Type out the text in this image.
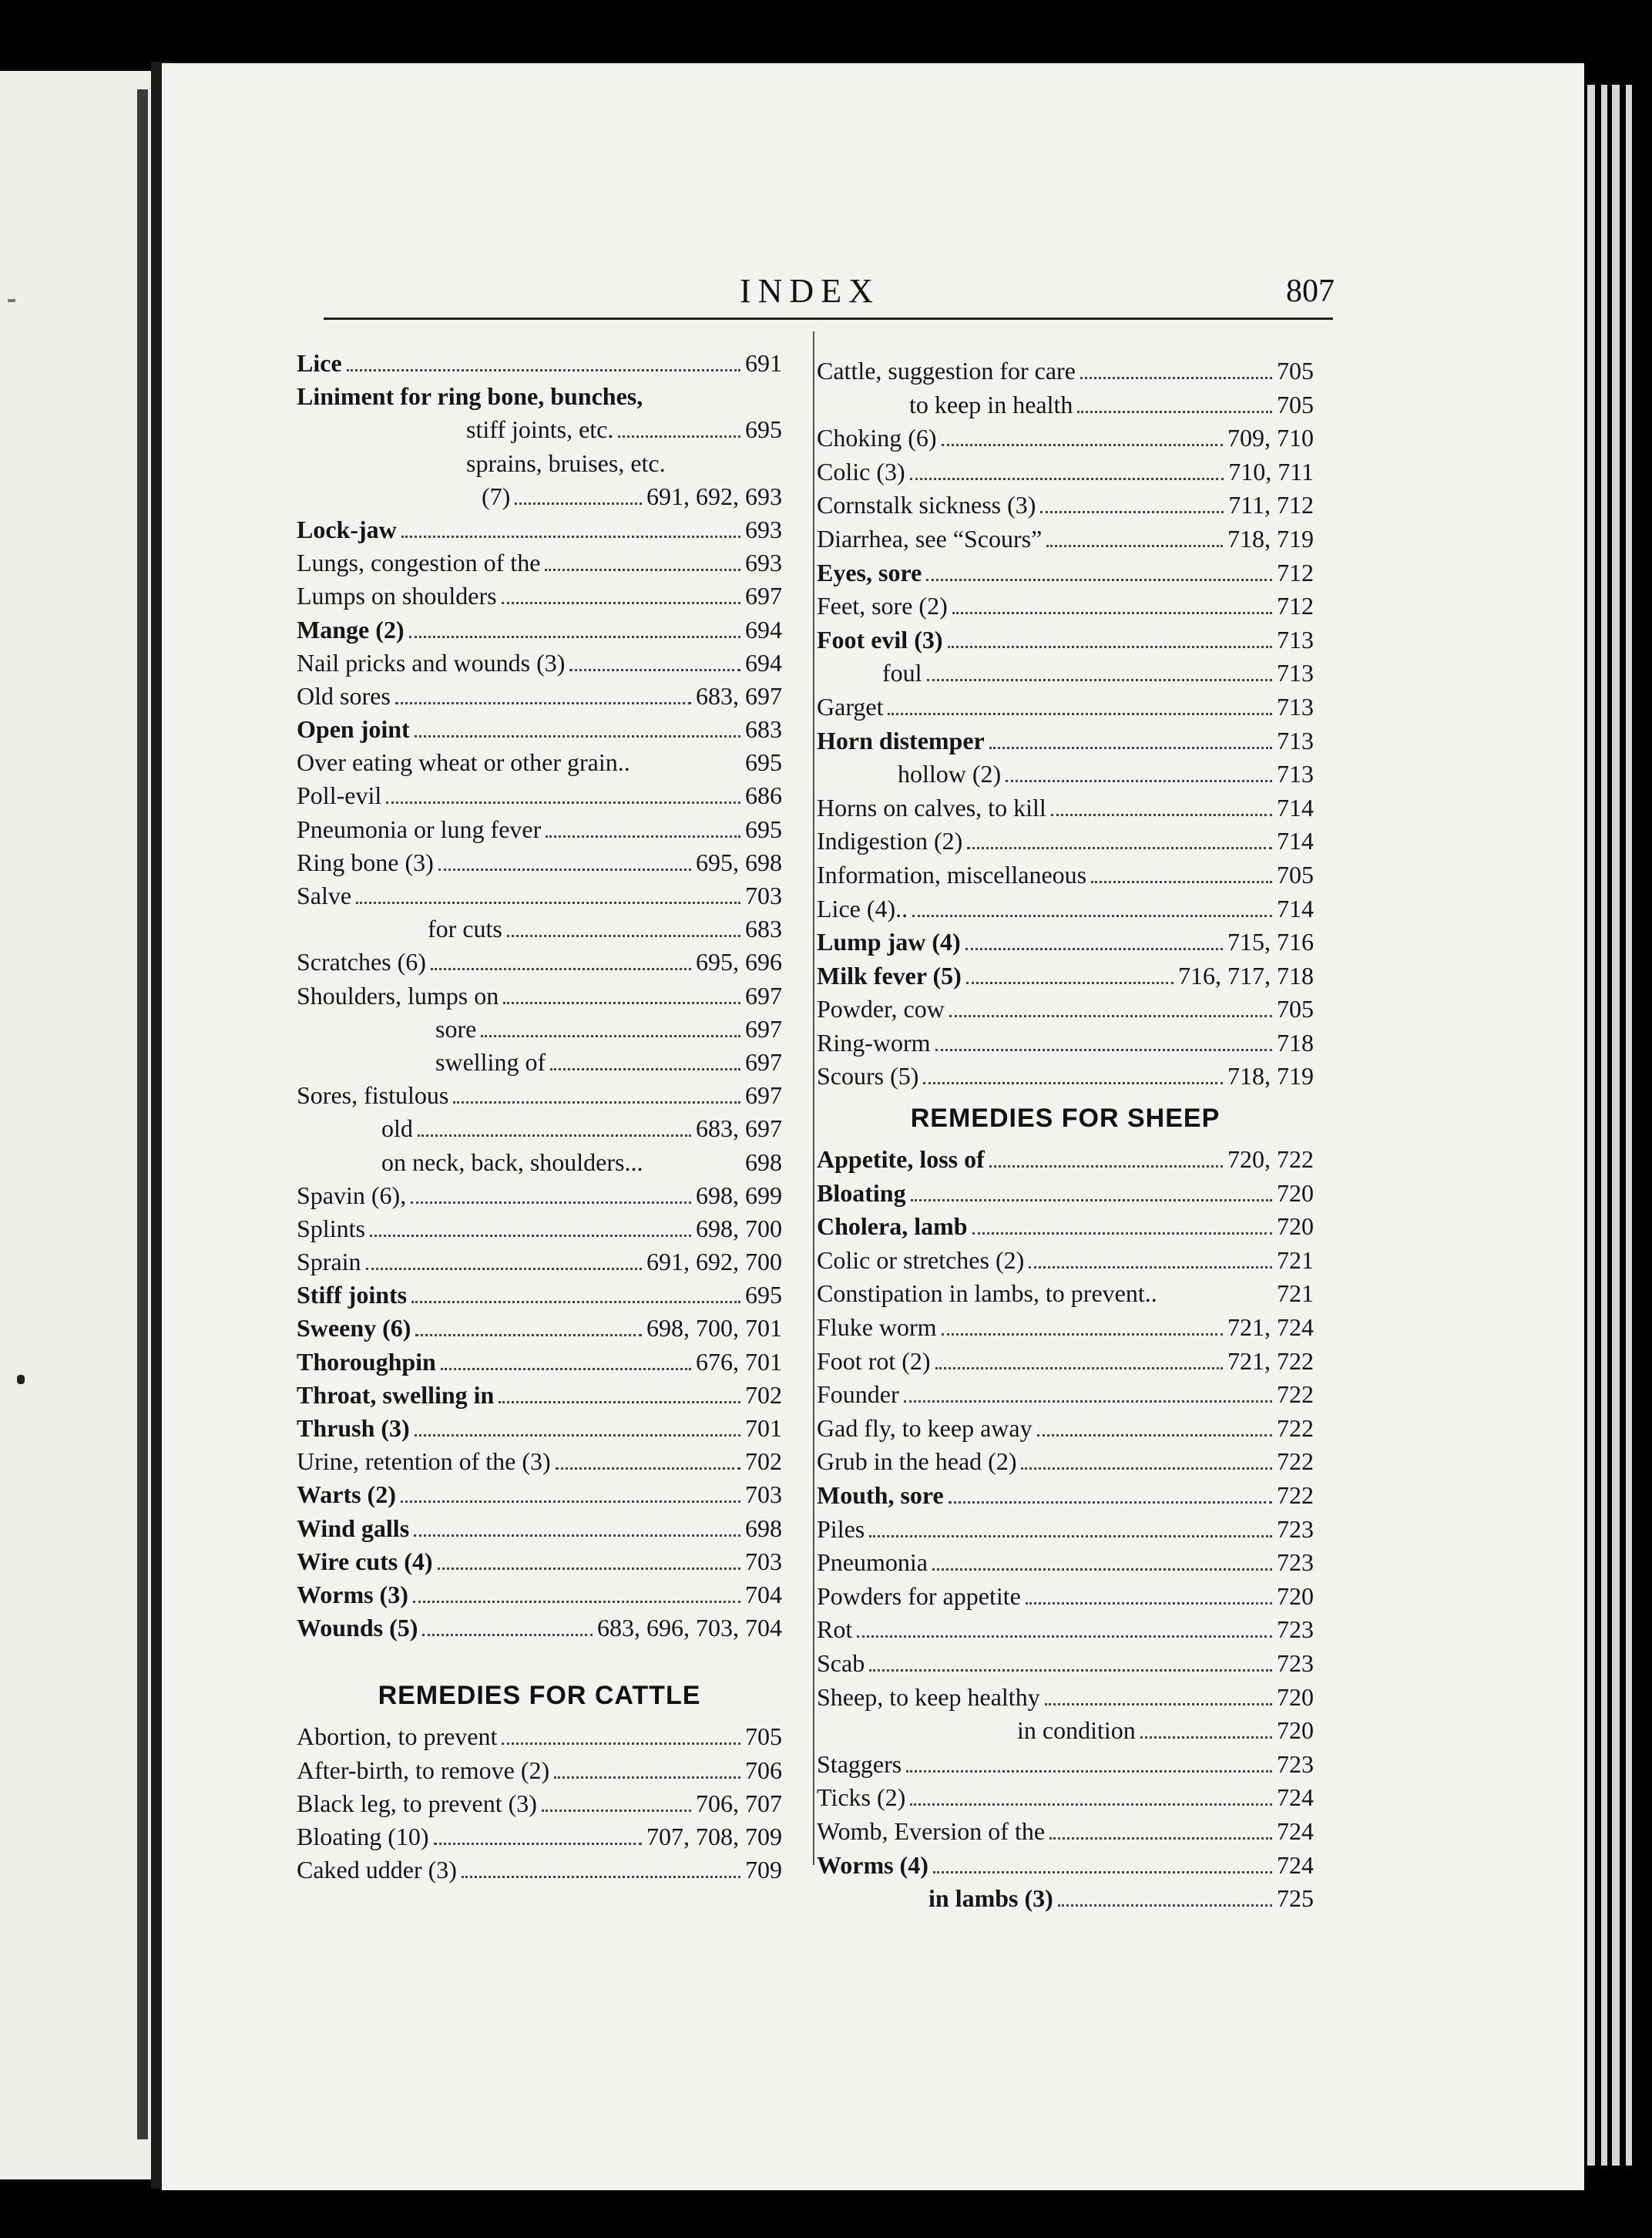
INDEX	807
Lice	691
Liniment for ring bone, bunches,
stiff joints, etc.	695
sprains, bruises, etc.
(7)	691, 692, 693
Lock-jaw	693
Lungs, congestion of the	693
Lumps on shoulders	697
Mange (2)	694
Nail pricks and wounds (3)	694
Old sores	683, 697
Open joint	683
Over eating wheat or other grain..	695
Poll-evil	686
Pneumonia or lung fever	695
Ring bone (3)	695, 698
Salve	703
for cuts	683
Scratches (6)	695, 696
Shoulders, lumps on	697
sore	697
swelling of	697
Sores, fistulous	697
old	683, 697
on neck, back, shoulders...	698
Spavin (6),	698, 699
Splints	698, 700
Sprain	691, 692, 700
Stiff joints	695
Sweeny (6)	698, 700, 701
Thoroughpin	676, 701
Throat, swelling in	702
Thrush (3)	701
Urine, retention of the (3)	702
Warts (2)	703
Wind galls	698
Wire cuts (4)	703
Worms (3)	704
Wounds (5)	683, 696, 703, 704
REMEDIES FOR CATTLE
Abortion, to prevent	705
After-birth, to remove (2)	706
Black leg, to prevent (3)	706, 707
Bloating (10)	707, 708, 709
Caked udder (3)	709
Cattle, suggestion for care	705
to keep in health	705
Choking (6)	709, 710
Colic (3)	710, 711
Cornstalk sickness (3)	711, 712
Diarrhea, see “Scours”	718, 719
Eyes, sore	712
Feet, sore (2)	712
Foot evil (3)	713
foul	713
Garget	713
Horn distemper	713
hollow (2)	713
Horns on calves, to kill	714
Indigestion (2)	714
Information, miscellaneous	705
Lice (4)..	714
Lump jaw (4)	715, 716
Milk fever (5)	716, 717, 718
Powder, cow	705
Ring-worm	718
Scours (5)	718, 719
REMEDIES FOR SHEEP
Appetite, loss of	720, 722
Bloating	720
Cholera, lamb	720
Colic or stretches (2)	721
Constipation in lambs, to prevent..	721
Fluke worm	721, 724
Foot rot (2)	721, 722
Founder	722
Gad fly, to keep away	722
Grub in the head (2)	722
Mouth, sore	722
Piles	723
Pneumonia	723
Powders for appetite	720
Rot	723
Scab	723
Sheep, to keep healthy	720
in condition	720
Staggers	723
Ticks (2)	724
Womb, Eversion of the	724
Worms (4)	724
in lambs (3)	725
